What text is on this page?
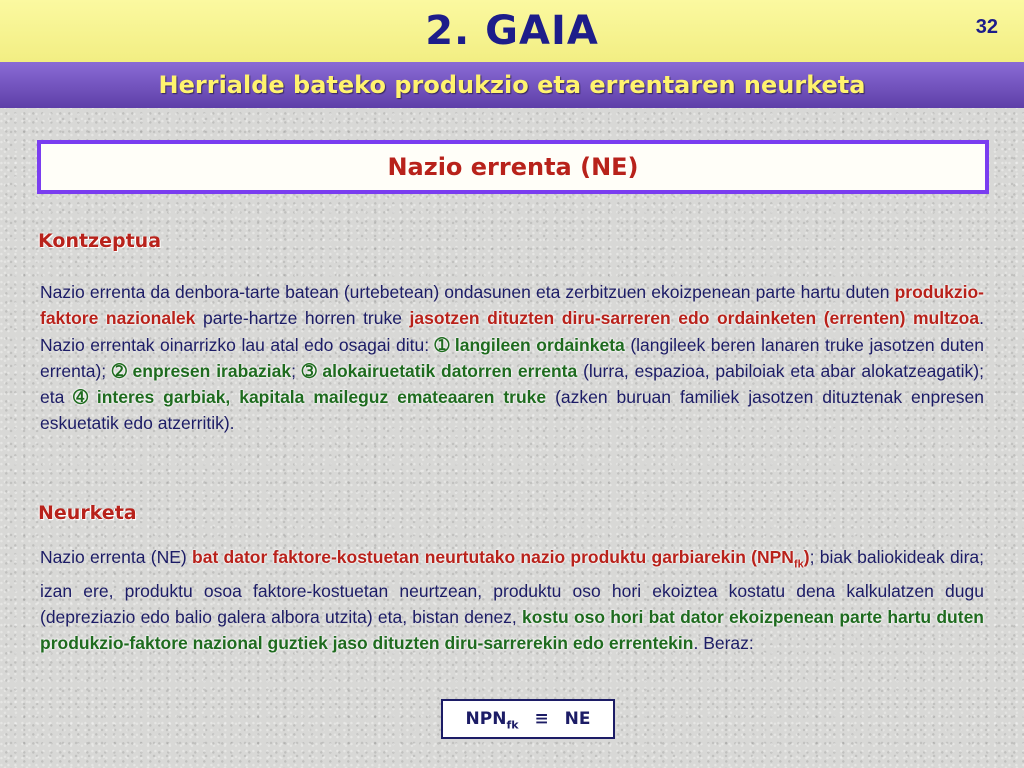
2. GAIA	32
Herrialde bateko produkzio eta errentaren neurketa
Nazio errenta (NE)
Kontzeptua

Nazio errenta da denbora-tarte batean (urtebetean) ondasunen eta zerbitzuen ekoizpenean parte hartu duten produkzio-faktore nazionalek parte-hartze horren truke jasotzen dituzten diru-sarreren edo ordainketen (errenten) multzoa. Nazio errentak oinarrizko lau atal edo osagai ditu: ➀ langileen ordainketa (langileek beren lanaren truke jasotzen duten errenta); ➁ enpresen irabaziak; ➂ alokairuetatik datorren errenta (lurra, espazioa, pabiloiak eta abar alokatzeagatik); eta ➃ interes garbiak, kapitala maileguz emateaaren truke (azken buruan familiek jasotzen dituztenak enpresen eskuetatik edo atzerritik).

Neurketa

Nazio errenta (NE) bat dator faktore-kostuetan neurtutako nazio produktu garbiarekin $(NPN_{fk})$; biak baliokideak dira; izan ere, produktu osoa faktore-kostuetan neurtzean, produktu oso hori ekoiztea kostatu dena kalkulatzen dugu (depreziazio edo balio galera albora utzita) eta, bistan denez, kostu oso hori bat dator ekoizpenean parte hartu duten produkzio-faktore nazional guztiek jaso dituzten diru-sarrerekin edo errentekin. Beraz:

$NPN_{fk}$ ≡ NE
